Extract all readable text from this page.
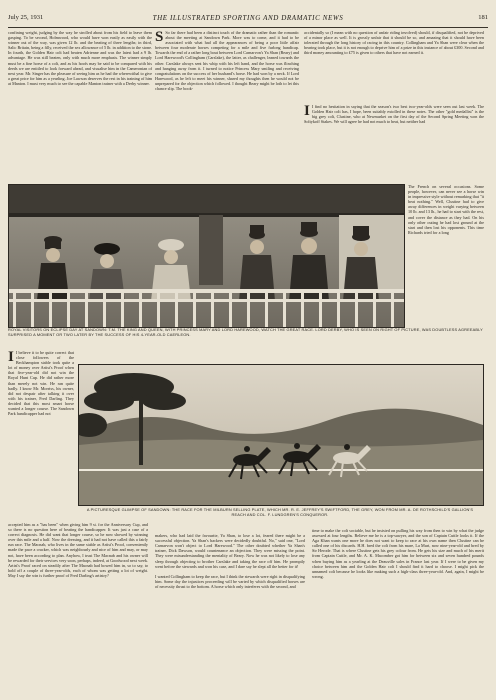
July 25, 1931	THE ILLUSTRATED SPORTING AND DRAMATIC NEWS	181

confining weight, judging by the way he strolled about from his field to leave them gasping. To be second, Holmwood, who would have won easily as easily with the winner out of the way, was given 12 lb. and the beating of three lengths; in third, Salic Britain, being a filly, received the sex allowance of 5 lb. in addition to the stone. In fourth, the Golden Hair colt had beaten Adrienne and was the latest had a 9 lb. advantage. He was still beaten, only with much more emphasis. The winner simply must be a fine horse of a colt, and as his hoofs may be said to be compared with his deeds we are entitled to look forward ahead, and visualise him in the Cameronian of next year. Mr. Singer has the pleasure of seeing him as he had the wherewithal to give a great price for him as a yearling. Joe Lawson deserves the rest in his training of him at Manton. I must very much to see the capable Manton trainer with a Derby winner.

S So far there had been a distinct touch of the dramatic rather than the romantic about the meeting at Sandown Park. More was to come, and it had to be associated with what had all the appearances of being a poor little affair between four moderate horses competing for a mile and five furlong handicap. Towards the end of a rather long bout between Lord Carnarvon's Ya Shan (Beary) and Lord Harewood's Collingham (Carslake), the latter, as challenger, leaned towards the other. Carslake always sent his whip with his left hand, and the horse was flinching and hanging away from it. I turned to notice Princess Mary smiling and receiving congratulations on the success of her husband's horse. He had won by a neck. If Lord Harewood, as he left to meet his winner, shared my thoughts then he would not be unprepared for the objection which followed. I thought Beary might be loth to let this chance slip. The book-

accidentally so (I mean with no question of unfair riding involved) should, if disqualified, not be deprived of a minor place as well. It is grossly unfair that it should be so, and amazing that it should have been tolerated through the long history of racing in this country. Collingham and Ya Shan were clear when the bearing took place, but it is not enough to deprive him of a prize in this instance of about £300. Second and third money amounting to £75 is given to others that have not earned it.

I I find no hesitation in saying that the season's two best two-year-olds were seen out last week. The Golden Hair colt has, I hope, been suitably extolled in these notes. The other "gold medallist" is the big grey colt, Clustine, who at Newmarket on the first day of the Second Spring Meeting won the Soltykoff Stakes. We will agree he had not much to beat, but neither had

The French on several occasions. Some people, however, can never see a horse win in impressive style without remarking that "it beat nothing." Well, Clustine had to give away differences in weight varying between 10 lb. and 13 lb., he had to start with the rest, and cover the distance as they had. On his only other outing he had lost ground at the start and then lost his opponents. This time Richards tried for a long

ROYAL VISITORS ON ECLIPSE DAY AT SANDOWN: T.M. THE KING AND QUEEN, WITH PRINCESS MARY AND LORD HAREWOOD, WATCH THE GREAT RACE. LORD DERBY, WHO IS SEEN ON RIGHT OF PICTURE, WAS DOUBTLESS AGREEABLY SURPRISED A MOMENT OR TWO LATER BY THE SUCCESS OF HIS 4-YEAR-OLD CAERLEON.

I I believe it to be quite correct that close followers of the Beckhampton stable took quite a lot of money over Artist's Proof when that five-year-old did not win the Royal Hunt Cup. He did rather more than merely not win. He ran quite badly. I know Mr. Morriss, his owner, did not despair after talking it over with his trainer, Fred Darling. They decided that this most smart horse wanted a longer course. The Sandown Park handicapper had not

A PICTURESQUE GLIMPSE OF SANDOWN: THE RACE FOR THE MILBURN SELLING PLATE, WHICH MR. R. E. JEFFREY'S SWIFTFORD, THE GREY, WON FROM MR. A. DE ROTHSCHILD'S GALLION'S REACH AND COL. F. LUNDGREN'S CONQUEROR.

accepted him as a "has been" when giving him 9 st. for the Anniversary Cup, and so there is no question here of beating the handicapper. It was just a case of a correct diagnosis. He did want that longer course, so he now showed by winning over this mile and a half. Now the dressing, and it had not have called this a fairly run race. The Macnab, who lives in the same stable as Artist's Proof, conveniently made the pace a cracker, which was neighbourly and nice of him and may, or may not, have been according to plan. Anyhow, I trust The Macnab and his owner will be rewarded for their services very soon, perhaps, indeed, at Goodwood next week. Artist's Proof raced on steadily after The Macnab had bowed him in, so to say, to hold off a couple of three-year-olds, each of whom was getting a lot of weight. May I say the win is further proof of Fred Darling's artistry?

makers, who had laid the favourite, Ya Shan, to lose a lot, feared there might be a successful objection. Ya Shan's backers were decidedly doubtful. No," said one, "Lord Carnarvon won't object to Lord Harewood." The other doubted whether Ya Shan's trainer, Dick Dawson, would countenance an objection. They were missing the point. They were misunderstanding the mentality of Beary. Now he was not likely to lose any sleep through objecting to brother Carslake and taking the race off him. He promptly went before the stewards and won his case, and I dare say he slept all the better for it!

I wanted Collingham to keep the race, but I think the stewards were right in disqualifying him. Some day the injustices proceeding will be varied by which disqualified horses are of necessity thrust to the bottom. A horse which only interferes with the second, and

time to make the colt sociable, but he insisted on pulling his way from then to win by what the judge assessed at four lengths. Believe me he is a top-sawyer, and the son of Captain Cuttle looks it. If the Aga Khan wants one more he does not want to keep to race at his own name then Clustine can be called one of his discards. H.H. bred the colt from his mare, La Muri, now nine-year-old and bred by Sir Herode. That is where Clustine gets his grey colour from. He gets his size and much of his merit from Captain Cuttle, and Mr. A. K. Macomber got him for between six and seven hundred pounds when buying him as a yearling at the Deauville sales in France last year. If I were to be given my choice between him and the Golden Hair colt I should find it hard to choose. I might pick the unnamed colt because he looks like making such a high-class three-year-old. And, again, I might be wrong.
